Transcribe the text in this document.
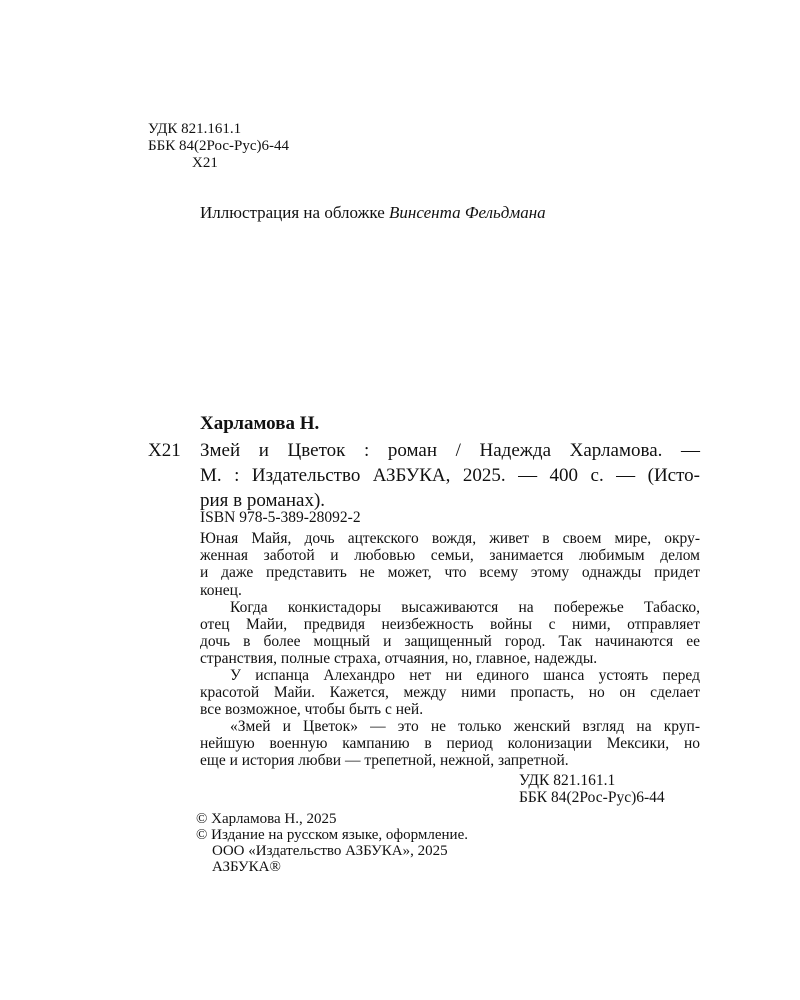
УДК 821.161.1
ББК 84(2Рос-Рус)6-44
Х21
Иллюстрация на обложке Винсента Фельдмана
Харламова Н.
Х21 Змей и Цветок : роман / Надежда Харламова. —
М. : Издательство АЗБУКА, 2025. — 400 с. — (Исто-
рия в романах).
ISBN 978-5-389-28092-2
Юная Майя, дочь ацтекского вождя, живет в своем мире, окру-
женная заботой и любовью семьи, занимается любимым делом
и даже представить не может, что всему этому однажды придет
конец.
Когда конкистадоры высаживаются на побережье Табаско,
отец Майи, предвидя неизбежность войны с ними, отправляет
дочь в более мощный и защищенный город. Так начинаются ее
странствия, полные страха, отчаяния, но, главное, надежды.
У испанца Алехандро нет ни единого шанса устоять перед
красотой Майи. Кажется, между ними пропасть, но он сделает
все возможное, чтобы быть с ней.
«Змей и Цветок» — это не только женский взгляд на круп-
нейшую военную кампанию в период колонизации Мексики, но
еще и история любви — трепетной, нежной, запретной.
УДК 821.161.1
ББК 84(2Рос-Рус)6-44
© Харламова Н., 2025
© Издание на русском языке, оформление.
ООО «Издательство АЗБУКА», 2025
АЗБУКА®
